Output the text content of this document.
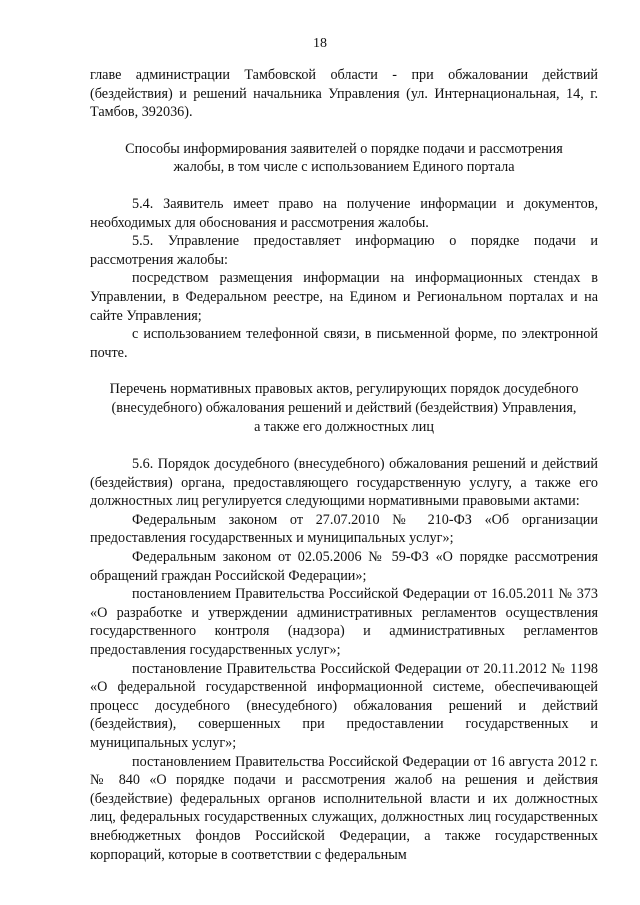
18

главе администрации Тамбовской области - при обжаловании действий (бездействия) и решений начальника Управления (ул. Интернациональная, 14, г. Тамбов, 392036).

Способы информирования заявителей о порядке подачи и рассмотрения
жалобы, в том числе с использованием Единого портала

5.4. Заявитель имеет право на получение информации и документов, необходимых для обоснования и рассмотрения жалобы.

5.5. Управление предоставляет информацию о порядке подачи и рассмотрения жалобы:

посредством размещения информации на информационных стендах в Управлении, в Федеральном реестре, на Едином и Региональном порталах и на сайте Управления;

с использованием телефонной связи, в письменной форме, по электронной почте.

Перечень нормативных правовых актов, регулирующих порядок досудебного
(внесудебного) обжалования решений и действий (бездействия) Управления,
а также его должностных лиц

5.6. Порядок досудебного (внесудебного) обжалования решений и действий (бездействия) органа, предоставляющего государственную услугу, а также его должностных лиц регулируется следующими нормативными правовыми актами:

Федеральным законом от 27.07.2010 № 210-ФЗ «Об организации предоставления государственных и муниципальных услуг»;

Федеральным законом от 02.05.2006 № 59-ФЗ «О порядке рассмотрения обращений граждан Российской Федерации»;

постановлением Правительства Российской Федерации от 16.05.2011 № 373 «О разработке и утверждении административных регламентов осуществления государственного контроля (надзора) и административных регламентов предоставления государственных услуг»;

постановление Правительства Российской Федерации от 20.11.2012 № 1198 «О федеральной государственной информационной системе, обеспечивающей процесс досудебного (внесудебного) обжалования решений и действий (бездействия), совершенных при предоставлении государственных и муниципальных услуг»;

постановлением Правительства Российской Федерации от 16 августа 2012 г. № 840 «О порядке подачи и рассмотрения жалоб на решения и действия (бездействие) федеральных органов исполнительной власти и их должностных лиц, федеральных государственных служащих, должностных лиц государственных внебюджетных фондов Российской Федерации, а также государственных корпораций, которые в соответствии с федеральным
